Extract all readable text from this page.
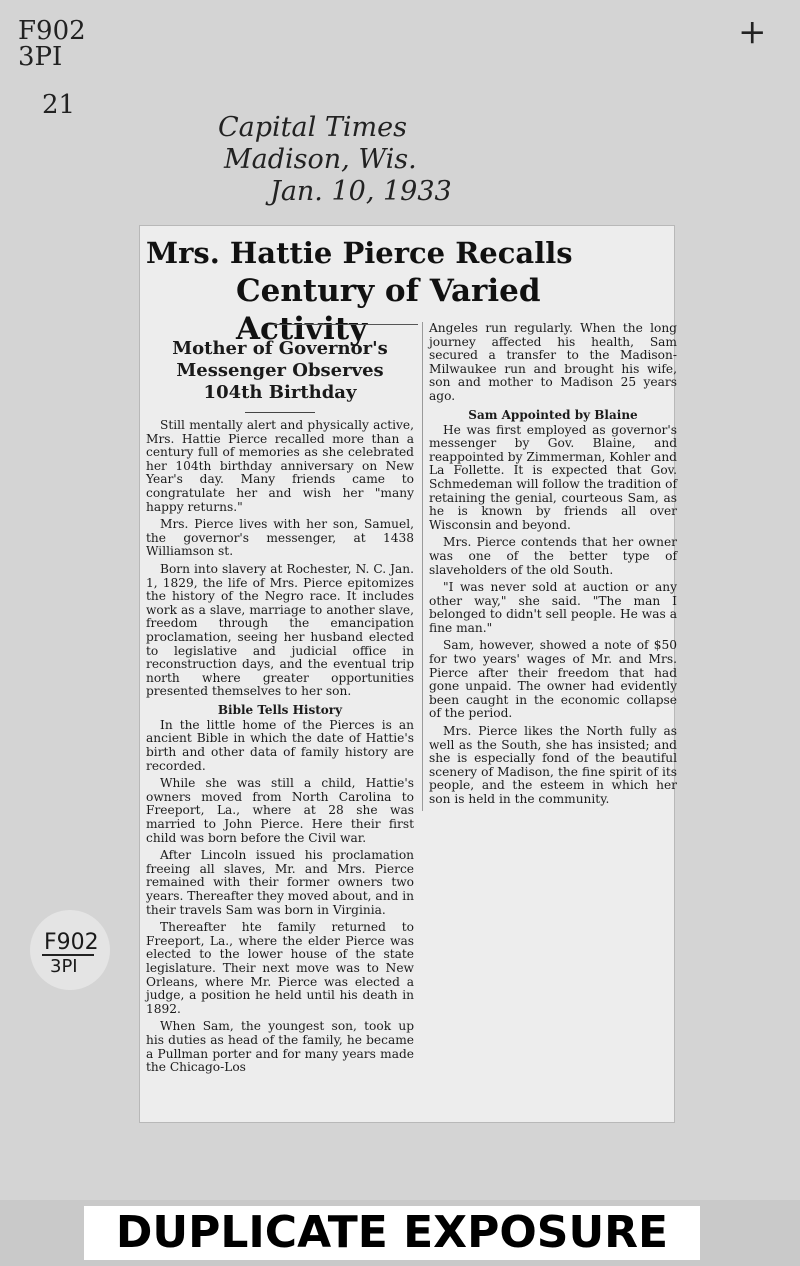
F902
3PI
21
+
Capital Times
Madison, Wis.
Jan. 10, 1933
Mrs. Hattie Pierce Recalls
Century of Varied Activity
Mother of Governor's
Messenger Observes
104th Birthday

Still mentally alert and physically active, Mrs. Hattie Pierce recalled more than a century full of memories as she celebrated her 104th birthday anniversary on New Year's day. Many friends came to congratulate her and wish her "many happy returns."

Mrs. Pierce lives with her son, Samuel, the governor's messenger, at 1438 Williamson st.

Born into slavery at Rochester, N. C. Jan. 1, 1829, the life of Mrs. Pierce epitomizes the history of the Negro race. It includes work as a slave, marriage to another slave, freedom through the emancipation proclamation, seeing her husband elected to legislative and judicial office in reconstruction days, and the eventual trip north where greater opportunities presented themselves to her son.

Bible Tells History

In the little home of the Pierces is an ancient Bible in which the date of Hattie's birth and other data of family history are recorded.

While she was still a child, Hattie's owners moved from North Carolina to Freeport, La., where at 28 she was married to John Pierce. Here their first child was born before the Civil war.

After Lincoln issued his proclamation freeing all slaves, Mr. and Mrs. Pierce remained with their former owners two years. Thereafter they moved about, and in their travels Sam was born in Virginia.

Thereafter hte family returned to Freeport, La., where the elder Pierce was elected to the lower house of the state legislature. Their next move was to New Orleans, where Mr. Pierce was elected a judge, a position he held until his death in 1892.

When Sam, the youngest son, took up his duties as head of the family, he became a Pullman porter and for many years made the Chicago-Los

Angeles run regularly. When the long journey affected his health, Sam secured a transfer to the Madison-Milwaukee run and brought his wife, son and mother to Madison 25 years ago.

Sam Appointed by Blaine

He was first employed as governor's messenger by Gov. Blaine, and reappointed by Zimmerman, Kohler and La Follette. It is expected that Gov. Schmedeman will follow the tradition of retaining the genial, courteous Sam, as he is known by friends all over Wisconsin and beyond.

Mrs. Pierce contends that her owner was one of the better type of slaveholders of the old South.

"I was never sold at auction or any other way," she said. "The man I belonged to didn't sell people. He was a fine man."

Sam, however, showed a note of $50 for two years' wages of Mr. and Mrs. Pierce after their freedom that had gone unpaid. The owner had evidently been caught in the economic collapse of the period.

Mrs. Pierce likes the North fully as well as the South, she has insisted; and she is especially fond of the beautiful scenery of Madison, the fine spirit of its people, and the esteem in which her son is held in the community.

F902
3PI
DUPLICATE EXPOSURE
